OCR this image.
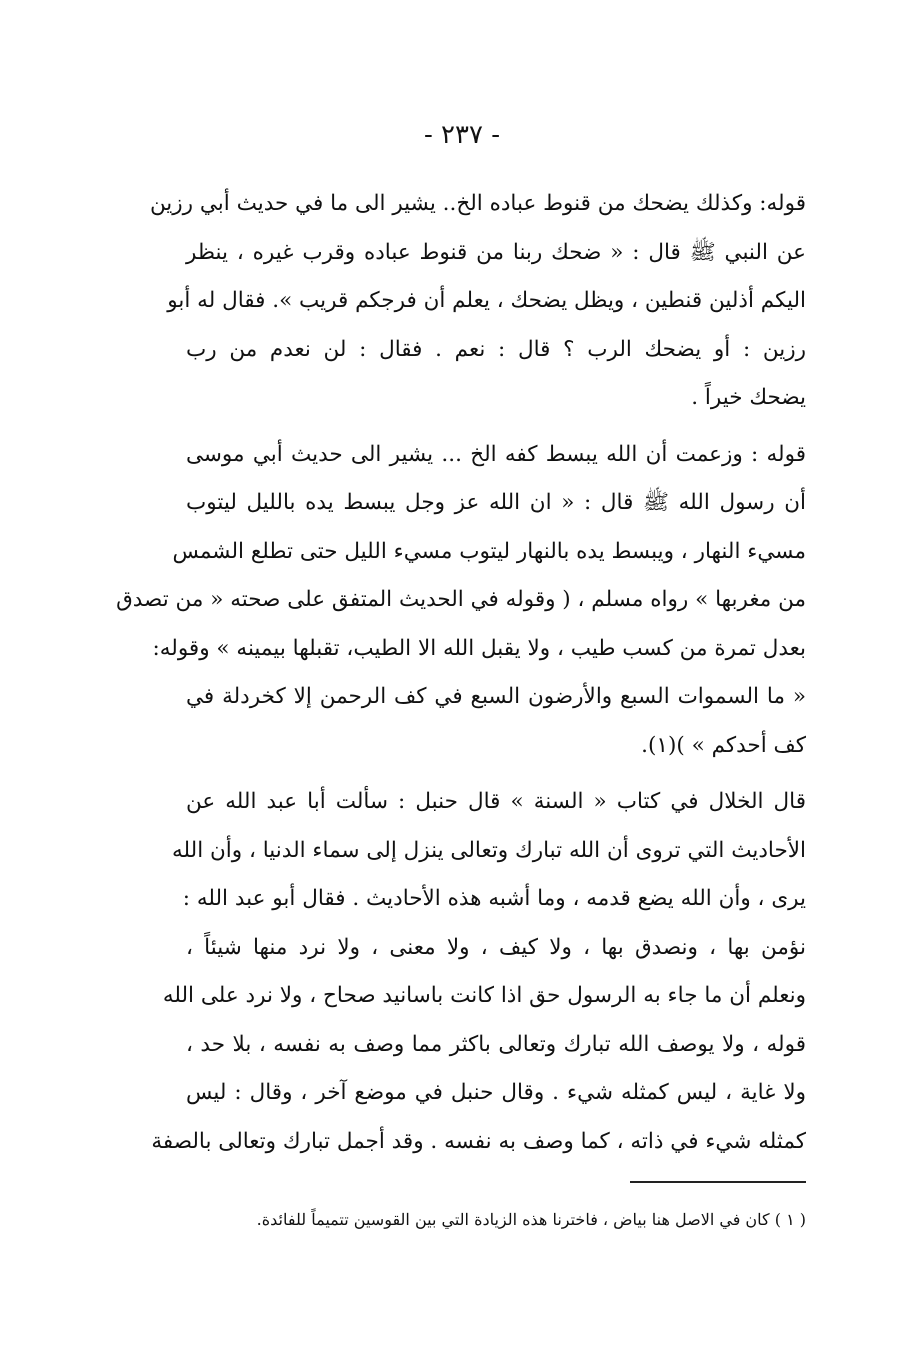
- ٢٣٧ -
قوله: وكذلك يضحك من قنوط عباده الخ.. يشير الى ما في حديث أبي رزين
عن النبي ﷺ قال : « ضحك ربنا من قنوط عباده وقرب غيره ، ينظر
اليكم أذلين قنطين ، ويظل يضحك ، يعلم أن فرجكم قريب ». فقال له أبو
رزين : أو يضحك الرب ؟ قال : نعم . فقال : لن نعدم من رب
يضحك خيراً .
قوله : وزعمت أن الله يبسط كفه الخ ... يشير الى حديث أبي موسى
أن رسول الله ﷺ قال : « ان الله عز وجل يبسط يده بالليل ليتوب
مسيء النهار ، ويبسط يده بالنهار ليتوب مسيء الليل حتى تطلع الشمس
من مغربها » رواه مسلم ، ( وقوله في الحديث المتفق على صحته « من تصدق
بعدل تمرة من كسب طيب ، ولا يقبل الله الا الطيب، تقبلها بيمينه » وقوله:
« ما السموات السبع والأرضون السبع في كف الرحمن إلا كخردلة في
كف أحدكم » )(١).
قال الخلال في كتاب « السنة » قال حنبل : سألت أبا عبد الله عن
الأحاديث التي تروى أن الله تبارك وتعالى ينزل إلى سماء الدنيا ، وأن الله
يرى ، وأن الله يضع قدمه ، وما أشبه هذه الأحاديث . فقال أبو عبد الله :
نؤمن بها ، ونصدق بها ، ولا كيف ، ولا معنى ، ولا نرد منها شيئاً ،
ونعلم أن ما جاء به الرسول حق اذا كانت باسانيد صحاح ، ولا نرد على الله
قوله ، ولا يوصف الله تبارك وتعالى باكثر مما وصف به نفسه ، بلا حد ،
ولا غاية ، ليس كمثله شيء . وقال حنبل في موضع آخر ، وقال : ليس
كمثله شيء في ذاته ، كما وصف به نفسه . وقد أجمل تبارك وتعالى بالصفة
( ١ ) كان في الاصل هنا بياض ، فاخترنا هذه الزيادة التي بين القوسين تتميماً للفائدة.
